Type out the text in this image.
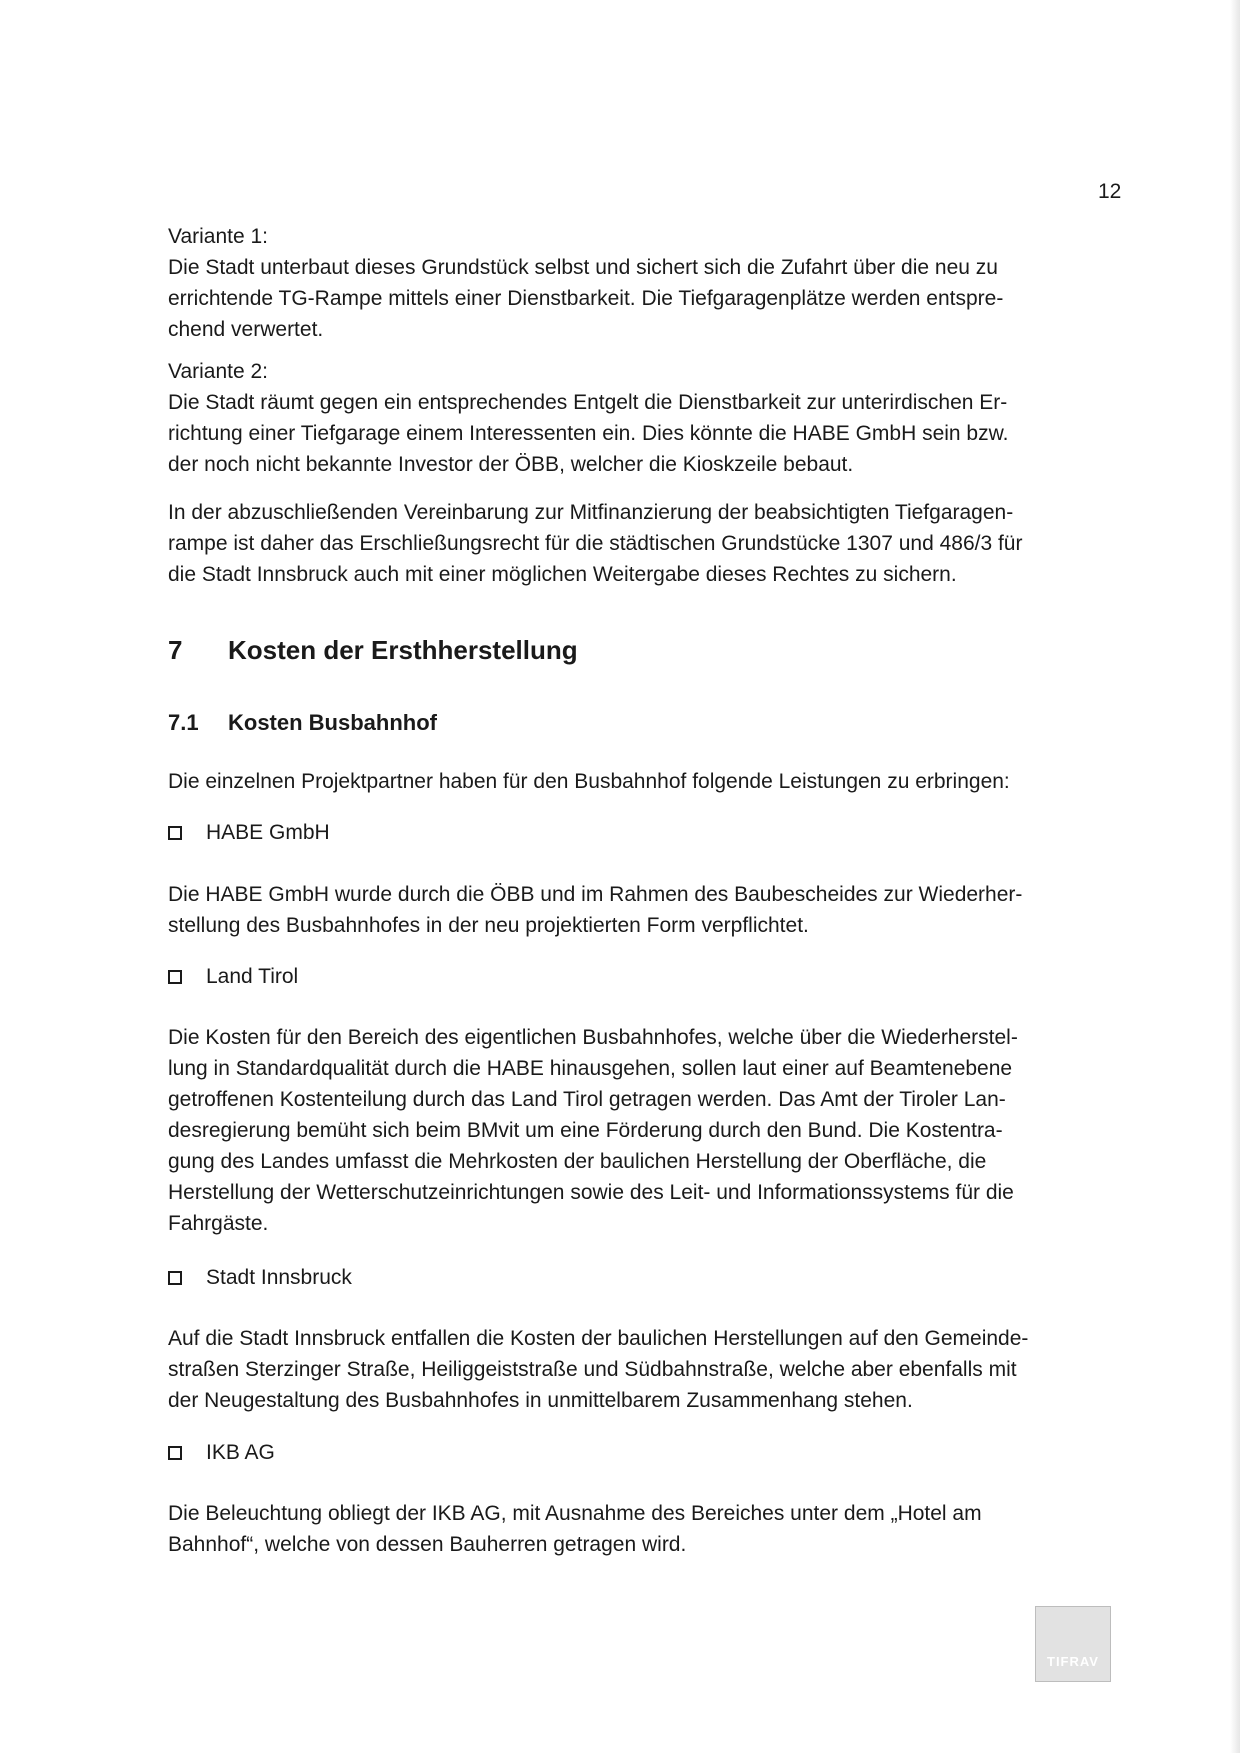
12
Variante 1:
Die Stadt unterbaut dieses Grundstück selbst und sichert sich die Zufahrt über die neu zu
errichtende TG-Rampe mittels einer Dienstbarkeit. Die Tiefgaragenplätze werden entspre-
chend verwertet.
Variante 2:
Die Stadt räumt gegen ein entsprechendes Entgelt die Dienstbarkeit zur unterirdischen Er-
richtung einer Tiefgarage einem Interessenten ein. Dies könnte die HABE GmbH sein bzw.
der noch nicht bekannte Investor der ÖBB, welcher die Kioskzeile bebaut.
In der abzuschließenden Vereinbarung zur Mitfinanzierung der beabsichtigten Tiefgaragen-
rampe ist daher das Erschließungsrecht für die städtischen Grundstücke 1307 und 486/3 für
die Stadt Innsbruck auch mit einer möglichen Weitergabe dieses Rechtes zu sichern.
7 Kosten der Ersthherstellung
7.1 Kosten Busbahnhof
Die einzelnen Projektpartner haben für den Busbahnhof folgende Leistungen zu erbringen:
HABE GmbH
Die HABE GmbH wurde durch die ÖBB und im Rahmen des Baubescheides zur Wiederher-
stellung des Busbahnhofes in der neu projektierten Form verpflichtet.
Land Tirol
Die Kosten für den Bereich des eigentlichen Busbahnhofes, welche über die Wiederherstel-
lung in Standardqualität durch die HABE hinausgehen, sollen laut einer auf Beamtenebene
getroffenen Kostenteilung durch das Land Tirol getragen werden. Das Amt der Tiroler Lan-
desregierung bemüht sich beim BMvit um eine Förderung durch den Bund. Die Kostentra-
gung des Landes umfasst die Mehrkosten der baulichen Herstellung der Oberfläche, die
Herstellung der Wetterschutzeinrichtungen sowie des Leit- und Informationssystems für die
Fahrgäste.
Stadt Innsbruck
Auf die Stadt Innsbruck entfallen die Kosten der baulichen Herstellungen auf den Gemeinde-
straßen Sterzinger Straße, Heiliggeiststraße und Südbahnstraße, welche aber ebenfalls mit
der Neugestaltung des Busbahnhofes in unmittelbarem Zusammenhang stehen.
IKB AG
Die Beleuchtung obliegt der IKB AG, mit Ausnahme des Bereiches unter dem „Hotel am
Bahnhof“, welche von dessen Bauherren getragen wird.
TIFRAV
